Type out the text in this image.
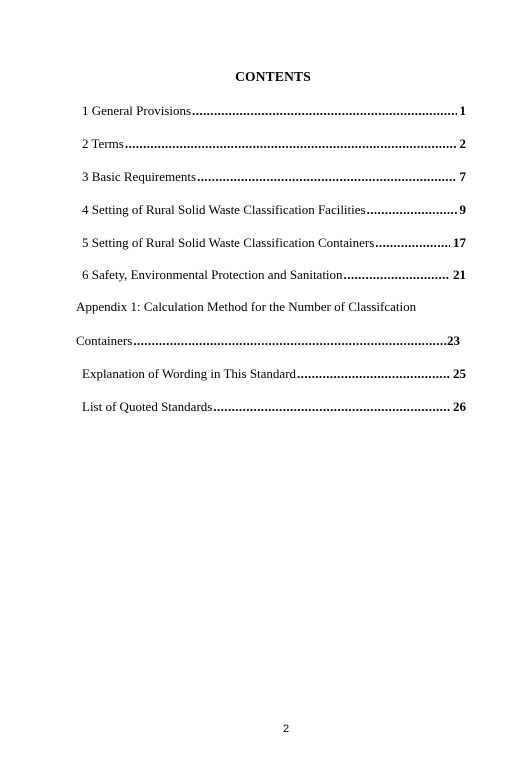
CONTENTS
1 General Provisions .....	1
2 Terms .....	2
3 Basic Requirements .....	7
4 Setting of Rural Solid Waste Classification Facilities .....	9
5 Setting of Rural Solid Waste Classification Containers .....	17
6 Safety, Environmental Protection and Sanitation .....	21
Appendix 1: Calculation Method for the Number of Classifcation
Containers .....	23
Explanation of Wording in This Standard .....	25
List of Quoted Standards .....	26
2
